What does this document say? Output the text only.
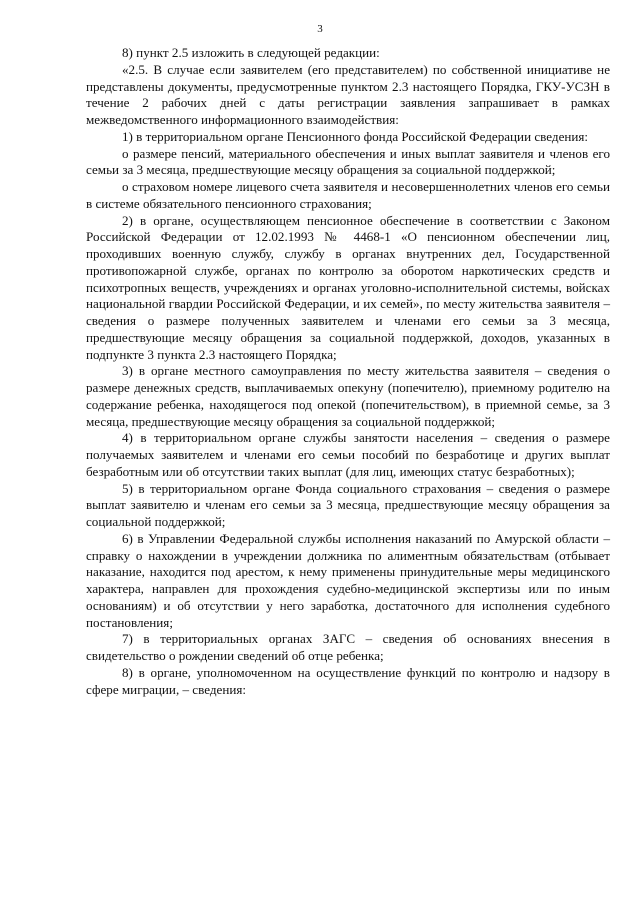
3

8) пункт 2.5 изложить в следующей редакции:

«2.5. В случае если заявителем (его представителем) по собственной инициативе не представлены документы, предусмотренные пунктом 2.3 настоящего Порядка, ГКУ-УСЗН в течение 2 рабочих дней с даты регистрации заявления запрашивает в рамках межведомственного информационного взаимодействия:

1) в территориальном органе Пенсионного фонда Российской Федерации сведения:

о размере пенсий, материального обеспечения и иных выплат заявителя и членов его семьи за 3 месяца, предшествующие месяцу обращения за социальной поддержкой;

о страховом номере лицевого счета заявителя и несовершеннолетних членов его семьи в системе обязательного пенсионного страхования;

2) в органе, осуществляющем пенсионное обеспечение в соответствии с Законом Российской Федерации от 12.02.1993 № 4468-1 «О пенсионном обеспечении лиц, проходивших военную службу, службу в органах внутренних дел, Государственной противопожарной службе, органах по контролю за оборотом наркотических средств и психотропных веществ, учреждениях и органах уголовно-исполнительной системы, войсках национальной гвардии Российской Федерации, и их семей», по месту жительства заявителя – сведения о размере полученных заявителем и членами его семьи за 3 месяца, предшествующие месяцу обращения за социальной поддержкой, доходов, указанных в подпункте 3 пункта 2.3 настоящего Порядка;

3) в органе местного самоуправления по месту жительства заявителя – сведения о размере денежных средств, выплачиваемых опекуну (попечителю), приемному родителю на содержание ребенка, находящегося под опекой (попечительством), в приемной семье, за 3 месяца, предшествующие месяцу обращения за социальной поддержкой;

4) в территориальном органе службы занятости населения – сведения о размере получаемых заявителем и членами его семьи пособий по безработице и других выплат безработным или об отсутствии таких выплат (для лиц, имеющих статус безработных);

5) в территориальном органе Фонда социального страхования – сведения о размере выплат заявителю и членам его семьи за 3 месяца, предшествующие месяцу обращения за социальной поддержкой;

6) в Управлении Федеральной службы исполнения наказаний по Амурской области – справку о нахождении в учреждении должника по алиментным обязательствам (отбывает наказание, находится под арестом, к нему применены принудительные меры медицинского характера, направлен для прохождения судебно-медицинской экспертизы или по иным основаниям) и об отсутствии у него заработка, достаточного для исполнения судебного постановления;

7) в территориальных органах ЗАГС – сведения об основаниях внесения в свидетельство о рождении сведений об отце ребенка;

8) в органе, уполномоченном на осуществление функций по контролю и надзору в сфере миграции, – сведения:
